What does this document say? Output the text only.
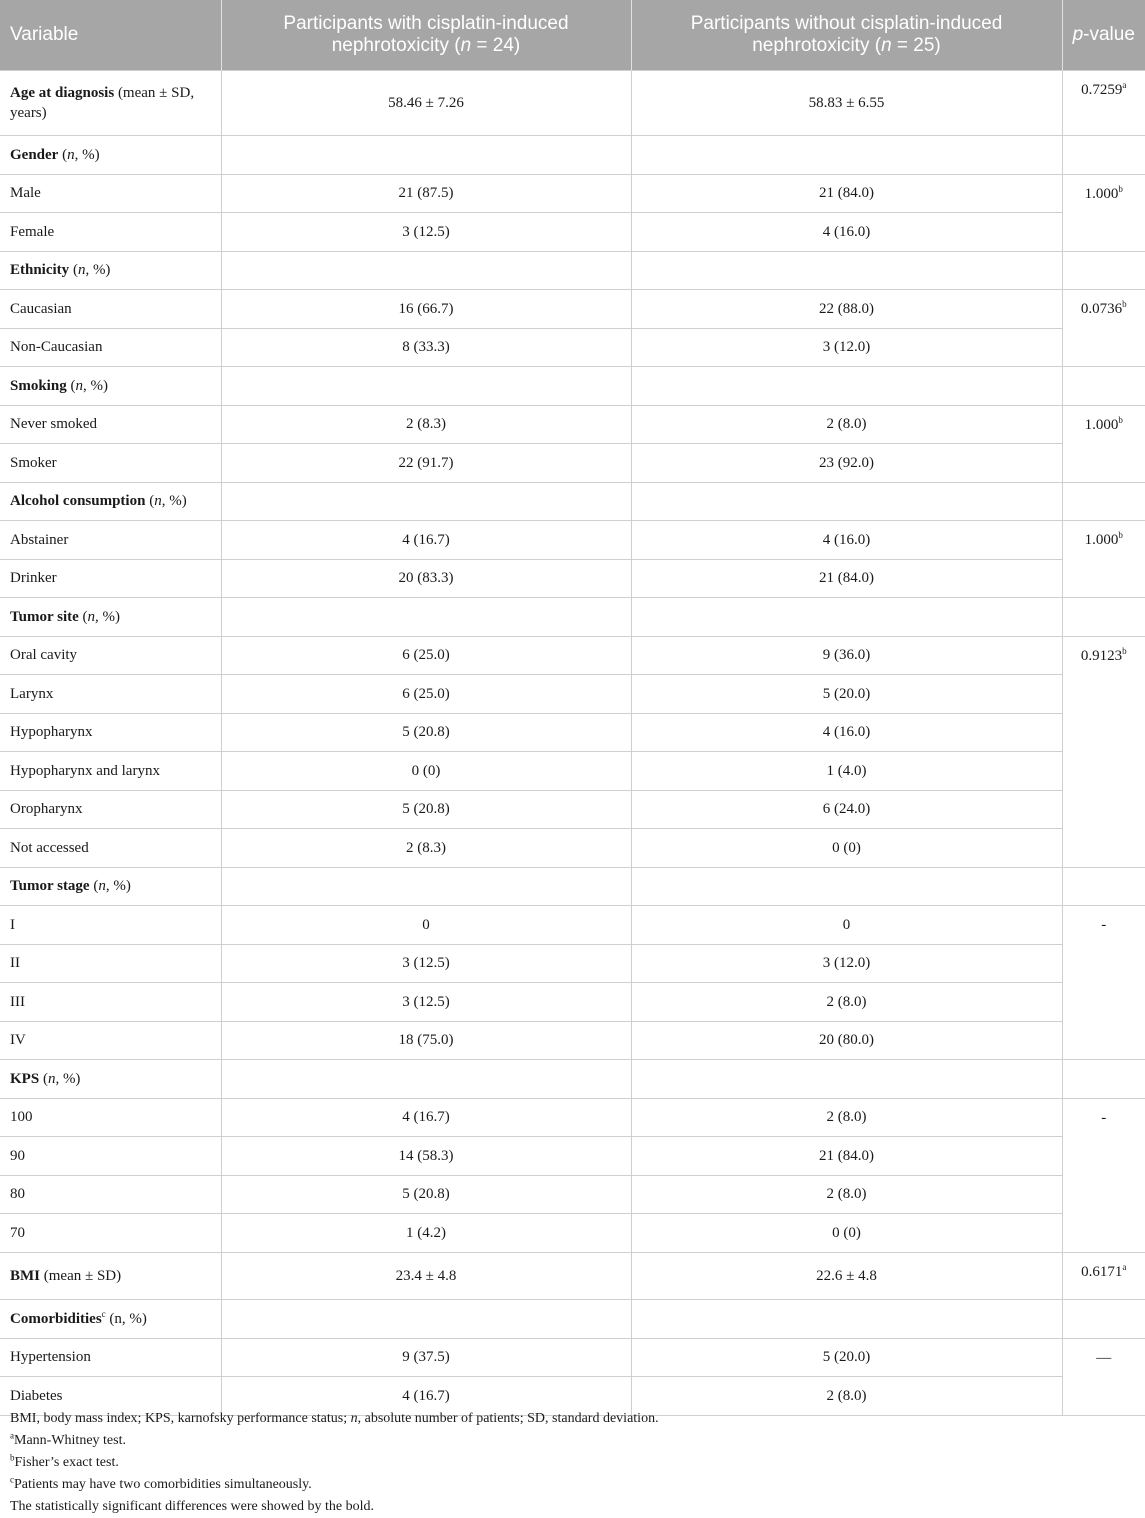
Variable	Participants with cisplatin-induced nephrotoxicity (n = 24)	Participants without cisplatin-induced nephrotoxicity (n = 25)	p-value
Age at diagnosis (mean ± SD, years)	58.46 ± 7.26	58.83 ± 6.55	0.7259$^a$
Gender (n, %)			
Male	21 (87.5)	21 (84.0)	1.000$^b$
Female	3 (12.5)	4 (16.0)	
Ethnicity (n, %)			
Caucasian	16 (66.7)	22 (88.0)	0.0736$^b$
Non-Caucasian	8 (33.3)	3 (12.0)	
Smoking (n, %)			
Never smoked	2 (8.3)	2 (8.0)	1.000$^b$
Smoker	22 (91.7)	23 (92.0)	
Alcohol consumption (n, %)			
Abstainer	4 (16.7)	4 (16.0)	1.000$^b$
Drinker	20 (83.3)	21 (84.0)	
Tumor site (n, %)			
Oral cavity	6 (25.0)	9 (36.0)	0.9123$^b$
Larynx	6 (25.0)	5 (20.0)	
Hypopharynx	5 (20.8)	4 (16.0)	
Hypopharynx and larynx	0 (0)	1 (4.0)	
Oropharynx	5 (20.8)	6 (24.0)	
Not accessed	2 (8.3)	0 (0)	
Tumor stage (n, %)			
I	0	0	-
II	3 (12.5)	3 (12.0)	
III	3 (12.5)	2 (8.0)	
IV	18 (75.0)	20 (80.0)	
KPS (n, %)			
100	4 (16.7)	2 (8.0)	-
90	14 (58.3)	21 (84.0)	
80	5 (20.8)	2 (8.0)	
70	1 (4.2)	0 (0)	
BMI (mean ± SD)	23.4 ± 4.8	22.6 ± 4.8	0.6171$^a$
Comorbidities$^c$ (n, %)			
Hypertension	9 (37.5)	5 (20.0)	—
Diabetes	4 (16.7)	2 (8.0)	
BMI, body mass index; KPS, karnofsky performance status; n, absolute number of patients; SD, standard deviation.
$^a$Mann-Whitney test.
$^b$Fisher’s exact test.
$^c$Patients may have two comorbidities simultaneously.
The statistically significant differences were showed by the bold.
